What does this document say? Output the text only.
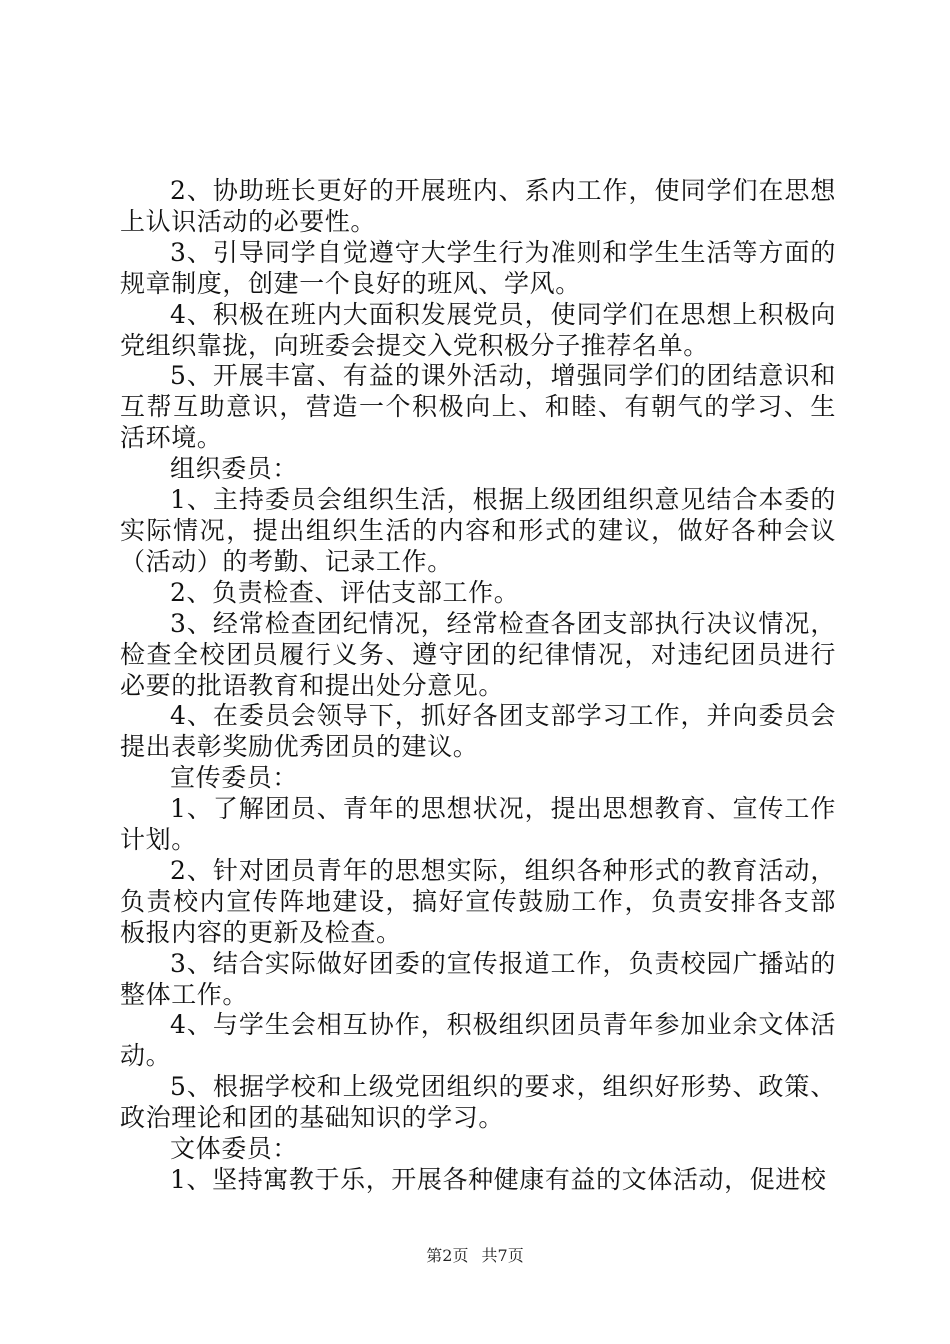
2、协助班长更好的开展班内、系内工作，使同学们在思想上认识活动的必要性。

3、引导同学自觉遵守大学生行为准则和学生生活等方面的规章制度，创建一个良好的班风、学风。

4、积极在班内大面积发展党员，使同学们在思想上积极向党组织靠拢，向班委会提交入党积极分子推荐名单。

5、开展丰富、有益的课外活动，增强同学们的团结意识和互帮互助意识，营造一个积极向上、和睦、有朝气的学习、生活环境。

组织委员：

1、主持委员会组织生活，根据上级团组织意见结合本委的实际情况，提出组织生活的内容和形式的建议，做好各种会议（活动）的考勤、记录工作。

2、负责检查、评估支部工作。

3、经常检查团纪情况，经常检查各团支部执行决议情况，检查全校团员履行义务、遵守团的纪律情况，对违纪团员进行必要的批语教育和提出处分意见。

4、在委员会领导下，抓好各团支部学习工作，并向委员会提出表彰奖励优秀团员的建议。

宣传委员：

1、了解团员、青年的思想状况，提出思想教育、宣传工作计划。

2、针对团员青年的思想实际，组织各种形式的教育活动，负责校内宣传阵地建设，搞好宣传鼓励工作，负责安排各支部板报内容的更新及检查。

3、结合实际做好团委的宣传报道工作，负责校园广播站的整体工作。

4、与学生会相互协作，积极组织团员青年参加业余文体活动。

5、根据学校和上级党团组织的要求，组织好形势、政策、政治理论和团的基础知识的学习。

文体委员：

1、坚持寓教于乐，开展各种健康有益的文体活动，促进校

第2页 共7页
